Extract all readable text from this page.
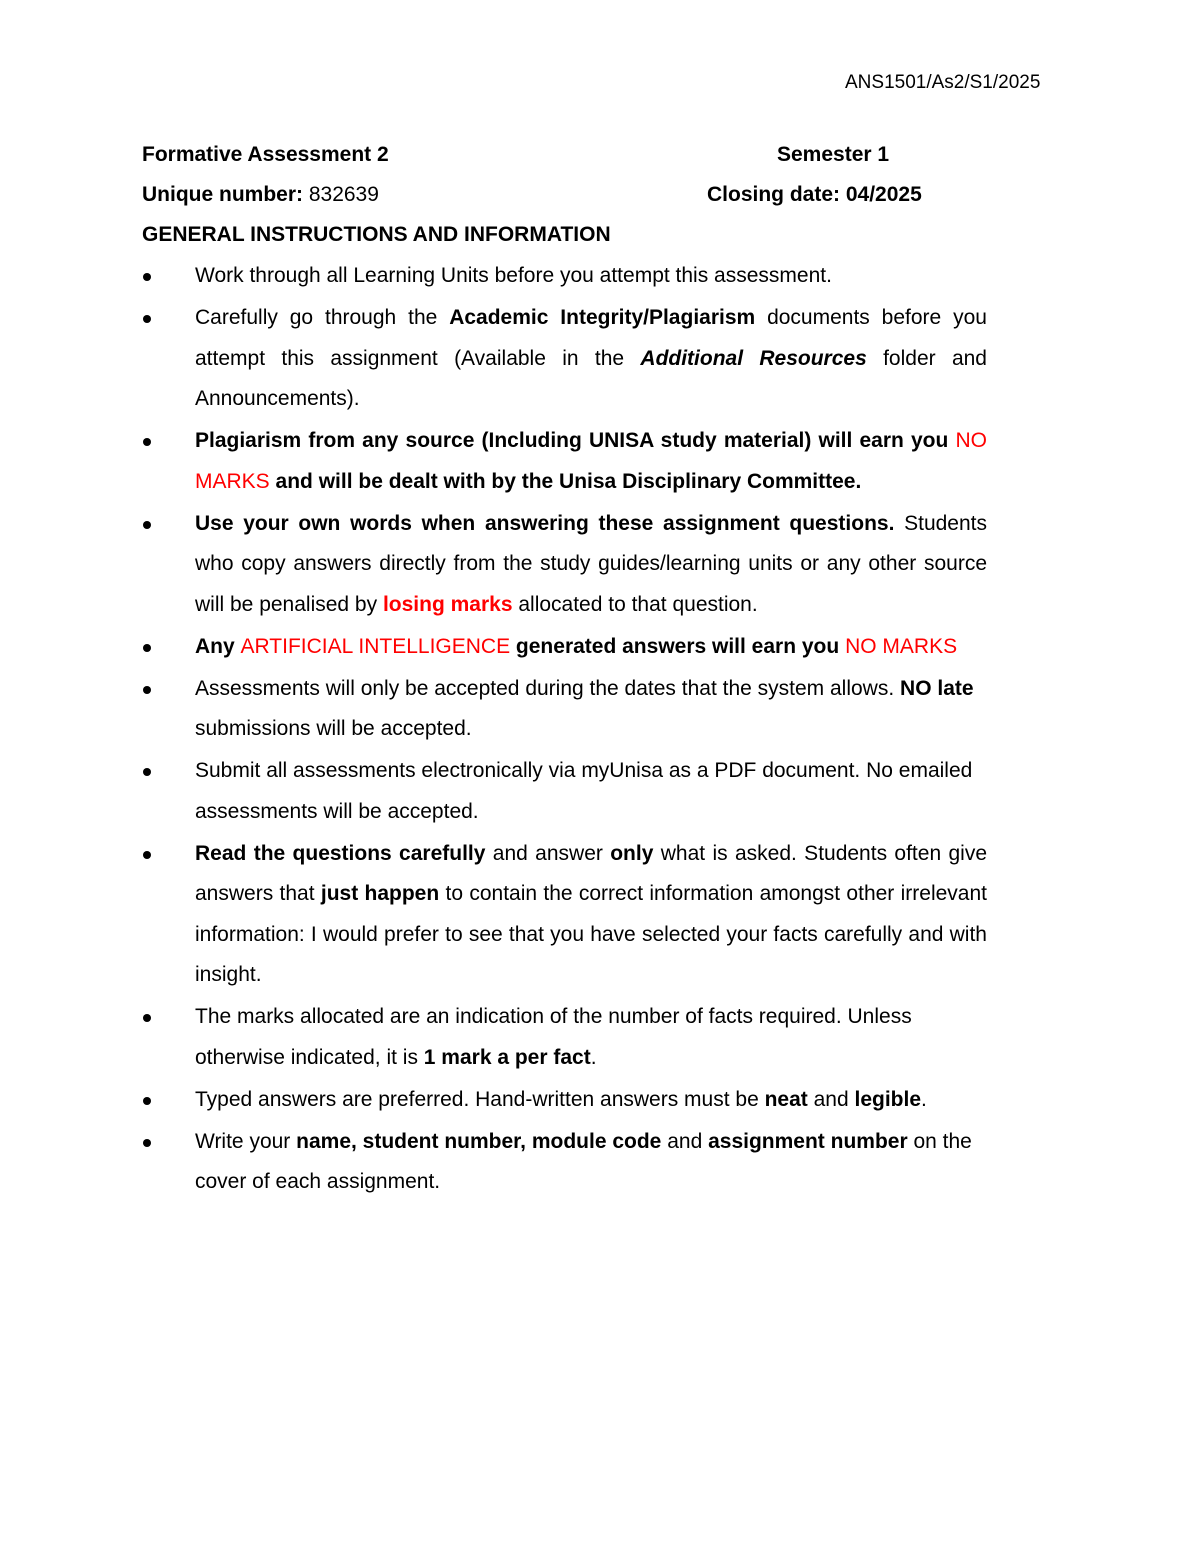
ANS1501/As2/S1/2025
Formative Assessment 2	Semester 1
Unique number: 832639	Closing date: 04/2025
GENERAL INSTRUCTIONS AND INFORMATION
Work through all Learning Units before you attempt this assessment.
Carefully go through the Academic Integrity/Plagiarism documents before you attempt this assignment (Available in the Additional Resources folder and Announcements).
Plagiarism from any source (Including UNISA study material) will earn you NO MARKS and will be dealt with by the Unisa Disciplinary Committee.
Use your own words when answering these assignment questions. Students who copy answers directly from the study guides/learning units or any other source will be penalised by losing marks allocated to that question.
Any ARTIFICIAL INTELLIGENCE generated answers will earn you NO MARKS
Assessments will only be accepted during the dates that the system allows. NO late submissions will be accepted.
Submit all assessments electronically via myUnisa as a PDF document. No emailed assessments will be accepted.
Read the questions carefully and answer only what is asked. Students often give answers that just happen to contain the correct information amongst other irrelevant information: I would prefer to see that you have selected your facts carefully and with insight.
The marks allocated are an indication of the number of facts required. Unless otherwise indicated, it is 1 mark a per fact.
Typed answers are preferred. Hand-written answers must be neat and legible.
Write your name, student number, module code and assignment number on the cover of each assignment.
